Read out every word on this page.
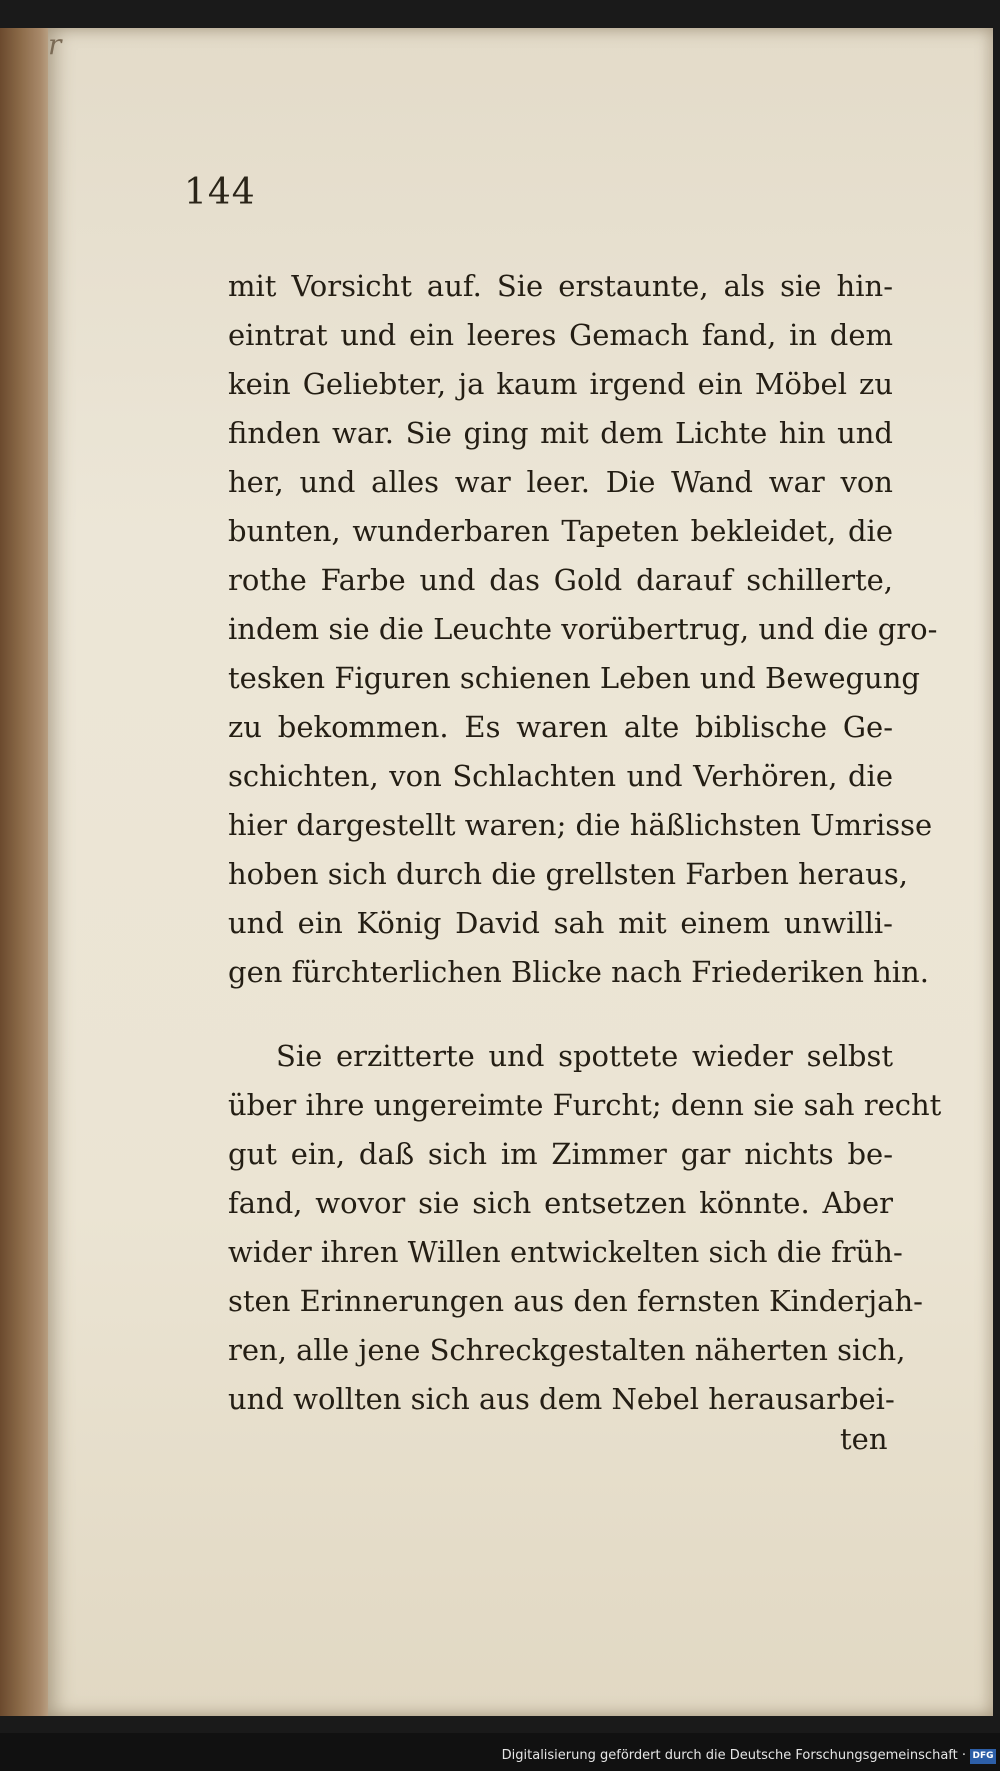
r
144
mit Vorsicht auf. Sie erstaunte, als sie hin-
eintrat und ein leeres Gemach fand, in dem
kein Geliebter, ja kaum irgend ein Möbel zu
finden war. Sie ging mit dem Lichte hin und
her, und alles war leer. Die Wand war von
bunten, wunderbaren Tapeten bekleidet, die
rothe Farbe und das Gold darauf schillerte,
indem sie die Leuchte vorübertrug, und die gro-
tesken Figuren schienen Leben und Bewegung
zu bekommen. Es waren alte biblische Ge-
schichten, von Schlachten und Verhören, die
hier dargestellt waren; die häßlichsten Umrisse
hoben sich durch die grellsten Farben heraus,
und ein König David sah mit einem unwilli-
gen fürchterlichen Blicke nach Friederiken hin.
Sie erzitterte und spottete wieder selbst
über ihre ungereimte Furcht; denn sie sah recht
gut ein, daß sich im Zimmer gar nichts be-
fand, wovor sie sich entsetzen könnte. Aber
wider ihren Willen entwickelten sich die früh-
sten Erinnerungen aus den fernsten Kinderjah-
ren, alle jene Schreckgestalten näherten sich,
und wollten sich aus dem Nebel herausarbei-
ten
Digitalisierung gefördert durch die Deutsche Forschungsgemeinschaft · DFG
